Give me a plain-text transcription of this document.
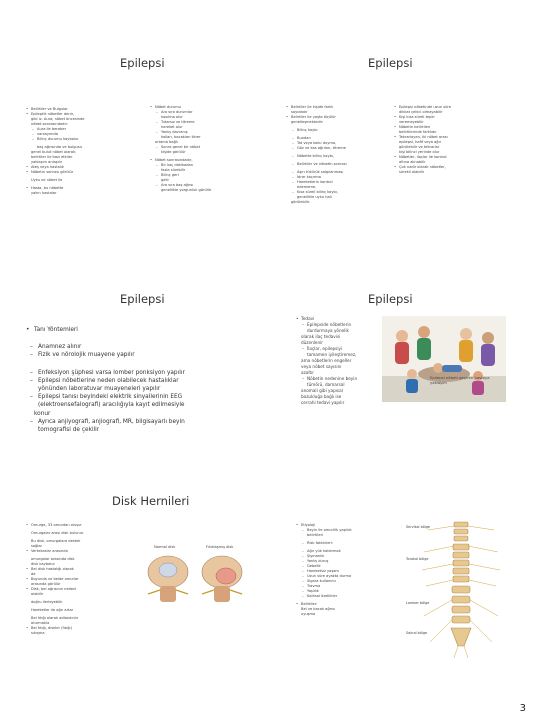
Epilepsi
• Belirtiler ve Bulgular
• Epileptik nöbetler denir,
gibi iz. Aura; nöbet öncesinde
nöbet sonrasındadır:
– Aura ile beraber
– varsayımda
– Bilinç durumu kaybolur
baş ağrısında ve bulgusu
genel bulut nöbet olarak,
belirtiler ile bazı etkiler
yaklaşım anlaşılır
• Ateş veya hastalık
• Nöbetin sonrası görülür
Uyku ve nöbet ile
• Hasta, bu nöbette
yakın hastalar
• Nöbet durumu
– Ara sıra durumlar
kasılma olur
– Tutarsız ve titreme
hareket olur
– Yanlış davranış
kolları, bacakları titrer
ortama bağlı
– Sonra genel bir nöbet
kişide görülür
• Nöbet sonrasındadır,
– Bir kaç dakikadan
fazla sürebilir
– Bilinç geri
gelir
– Ara sıra baş ağrısı
genellikle yorgunluk görülür
Epilepsi
• Belirtiler ile kişide farklı
sayıdadır
• Belirtiler ile yaşta ölçülür
genelleşmektedir:
– Bilinç kaybı
– Bundan
– Tat veya koku duyma,
– Göz ve kas ağrıları, titreme
– Nöbette bilinç kaybı,
– Belirtiler ve nöbetin sonrası
– Aşırı tükürük salgılanması
– İdrar kaçırma
– Hareketlerin kontrol
edememe,
– Kısa süreli bilinç kaybı,
genellikle uyku hali
görülebilir.
• Epilepsi nöbetinde uzun süre
dikkat çekici olmayabilir
• Kişi kısa süreli tepki
veremeyebilir
• Nöbetin belirtileri
belirtilerinde farklıdır
• Tekrarlayan, iki nöbet arası
epilepsi, hafif veya ağır
görülebilir ve tekrarlar
kişi bilinci yerinde olur
• Nöbetler, ilaçlar ile kontrol
altına alınabilir
• Çok nadir olarak nöbetler,
sürekli olabilir
Epilepsi
• Tanı Yöntemleri
– Anamnez alınır
– Fizik ve nörolojik muayene yapılır
– Enfeksiyon şüphesi varsa lomber ponksiyon yapılır
– Epilepsi nöbetlerine neden olabilecek hastalıklar
yönünden laboratuvar muayeneleri yapılır
– Epilepsi tanısı beyindeki elektrik sinyallerinin EEG
(elektroensefalografi) aracılığıyla kayıt edilmesiyle
konur
– Ayrıca anjiyografi, anjiografi, MR, bilgisayarlı beyin
tomografisi de çekilir
Epilepsi
• Tedavi
– Epilepside nöbetlerin
durdurmaya yönelik
olarak ilaç tedavisi
düzenlenir
– İlaçlar, epilepsiyi
tamamen iyileştiremez,
ama nöbetlerin engeller
veya nöbet sayısını
azaltır
– Nöbetin nedenine beyin
tümörü, damarsal
anomali gibi yapısal
bozukluğa bağlı ise
cerrahi tedavi yapılır
Epilepsi nöbeti geçiren hastaya
yaklaşım
Disk Hernileri
• Omurga, 33 omurdan oluşur
Omurgalar arası disk bulunur
Bu disk, omurgalara destek
sağlar
• Vertebralar arasında
omurgalar arasında disk
disk kaybolur
• Bel disk hastalığı olarak
da
• Boyunda ve belde omurlar
arasında görülür
• Disk, bel ağrısının nedeni
olabilir
doğru ilerleyebilir
Hareketler ile ağrı artar
Bel fıtığı olarak adlandırılır
oturmakla
• Bel fıtığı, diskler (fıtığı)
sıkışma
Normal disk	Fıtıklaşmış disk
• Etiyoloji
– Beyin ile omurilik yaşlılık
belirtileri
– Risk faktörleri:
– Ağır yük kaldırmak
– Şişmanlık
– Yanlış duruş
– Gebelik
– Hareketsiz yaşam
– Uzun süre ayakta durma
– Sigara kullanımı
– Travma
– Yaşlılık
– Kalıtsal özellikler
• Belirtiler:
Bel ve bacak ağrısı
uyuşma
Servikal bölge
Torakal bölge
Lomber bölge
Sakral bölge
3
